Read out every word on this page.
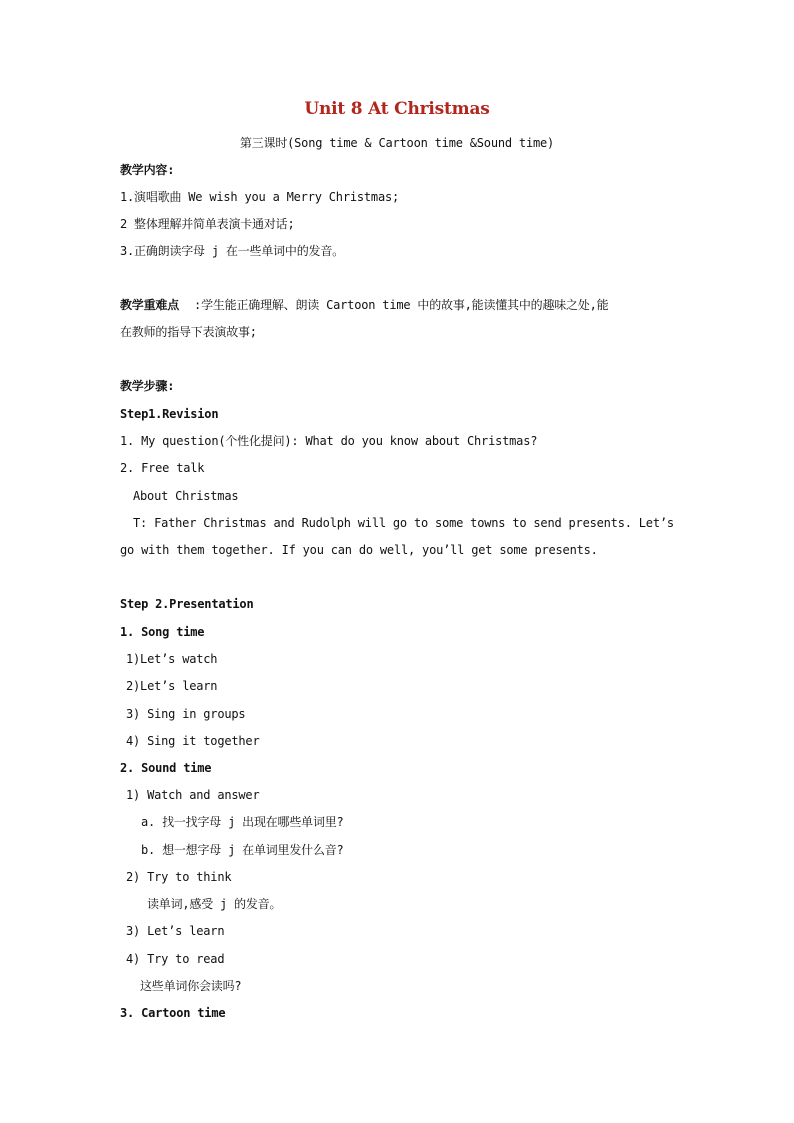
Unit 8 At Christmas
第三课时(Song time & Cartoon time &Sound time)
教学内容:
1.演唱歌曲 We wish you a Merry Christmas;
2 整体理解并简单表演卡通对话;
3.正确朗读字母 j 在一些单词中的发音。
教学重难点 :学生能正确理解、朗读 Cartoon time 中的故事,能读懂其中的趣味之处,能
在教师的指导下表演故事;
教学步骤:
Step1.Revision
1. My question(个性化提问): What do you know about Christmas?
2. Free talk
About Christmas
T: Father Christmas and Rudolph will go to some towns to send presents. Let’s
go with them together. If you can do well, you’ll get some presents.
Step 2.Presentation
1. Song time
1)Let’s watch
2)Let’s learn
3) Sing in groups
4) Sing it together
2. Sound time
1) Watch and answer
a. 找一找字母 j 出现在哪些单词里?
b. 想一想字母 j 在单词里发什么音?
2) Try to think
读单词,感受 j 的发音。
3) Let’s learn
4) Try to read
这些单词你会读吗?
3. Cartoon time
